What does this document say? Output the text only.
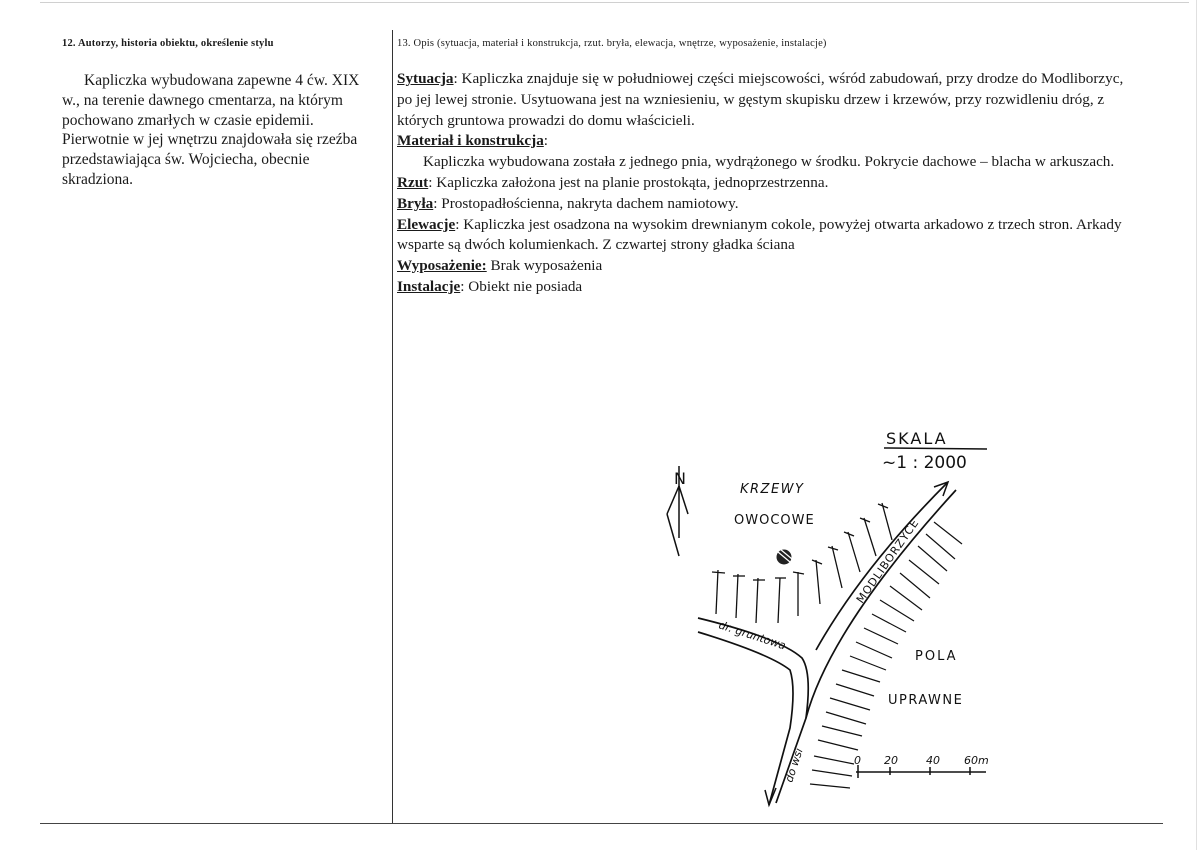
12. Autorzy, historia obiektu, określenie stylu

Kapliczka wybudowana zapewne 4 ćw. XIX w., na terenie dawnego cmentarza, na którym pochowano zmarłych w czasie epidemii. Pierwotnie w jej wnętrzu znajdowała się rzeźba przedstawiająca św. Wojciecha, obecnie skradziona.

13. Opis (sytuacja, materiał i konstrukcja, rzut. bryła, elewacja, wnętrze, wyposażenie, instalacje)

Sytuacja: Kapliczka znajduje się w południowej części miejscowości, wśród zabudowań, przy drodze do Modliborzyc, po jej lewej stronie. Usytuowana jest na wzniesieniu, w gęstym skupisku drzew i krzewów, przy rozwidleniu dróg, z których gruntowa prowadzi do domu właścicieli.

Materiał i konstrukcja:

Kapliczka wybudowana została z jednego pnia, wydrążonego w środku. Pokrycie dachowe – blacha w arkuszach.

Rzut: Kapliczka założona jest na planie prostokąta, jednoprzestrzenna.

Bryła: Prostopadłościenna, nakryta dachem namiotowy.

Elewacje: Kapliczka jest osadzona na wysokim drewnianym cokole, powyżej otwarta arkadowo z trzech stron. Arkady wsparte są dwóch kolumienkach. Z czwartej strony gładka ściana

Wyposażenie: Brak wyposażenia

Instalacje: Obiekt nie posiada

N
SKALA
~1 : 2000
KRZEWY
OWOCOWE
dr. gruntowa
MODLIBORZYCE
do wsi
POLA
UPRAWNE
0 20	40 60m
